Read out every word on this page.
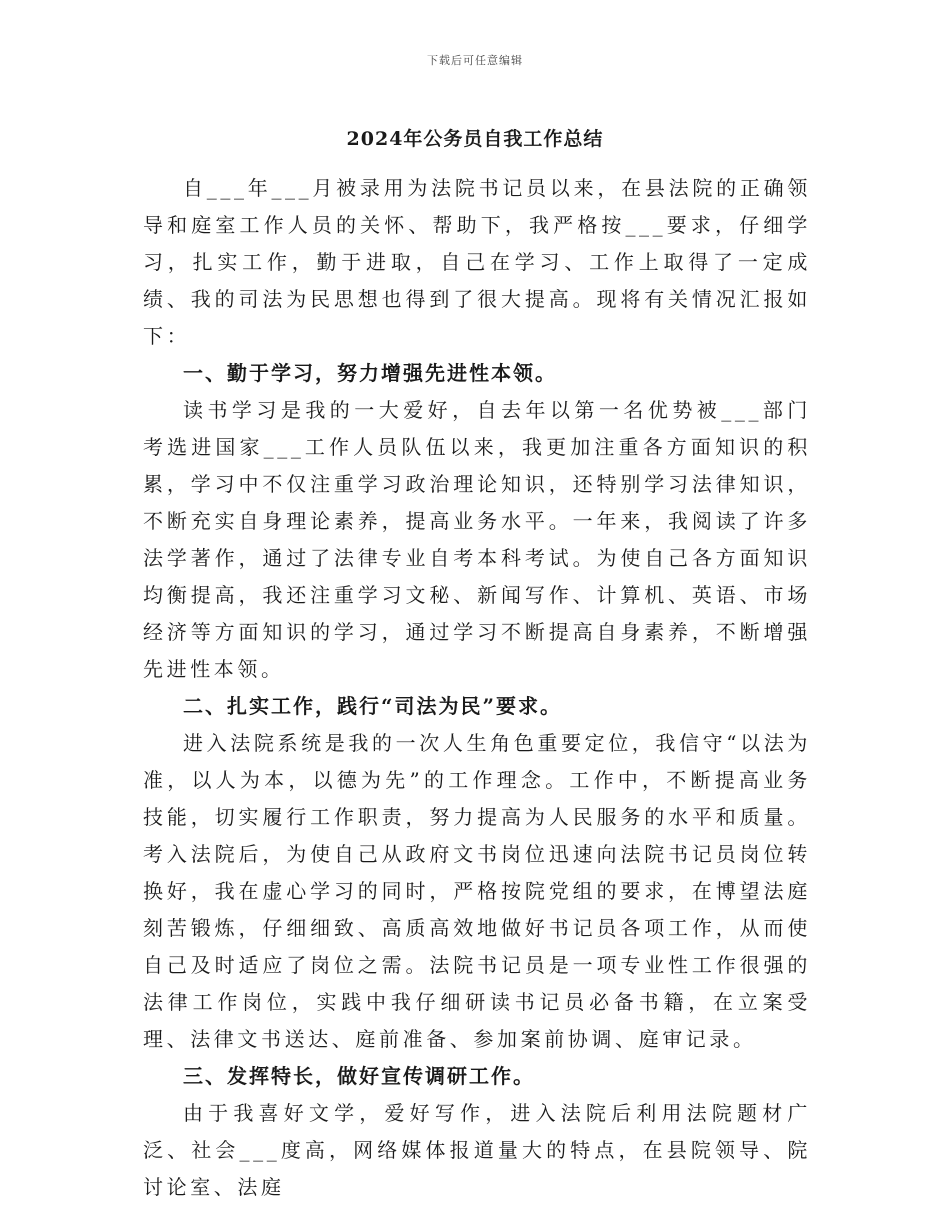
下载后可任意编辑
2024年公务员自我工作总结

自___年___月被录用为法院书记员以来，在县法院的正确领导和庭室工作人员的关怀、帮助下，我严格按___要求，仔细学习，扎实工作，勤于进取，自己在学习、工作上取得了一定成绩、我的司法为民思想也得到了很大提高。现将有关情况汇报如下：

一、勤于学习，努力增强先进性本领。

读书学习是我的一大爱好，自去年以第一名优势被___部门考选进国家___工作人员队伍以来，我更加注重各方面知识的积累，学习中不仅注重学习政治理论知识，还特别学习法律知识，不断充实自身理论素养，提高业务水平。一年来，我阅读了许多法学著作，通过了法律专业自考本科考试。为使自己各方面知识均衡提高，我还注重学习文秘、新闻写作、计算机、英语、市场经济等方面知识的学习，通过学习不断提高自身素养，不断增强先进性本领。

二、扎实工作，践行“司法为民”要求。

进入法院系统是我的一次人生角色重要定位，我信守“以法为准，以人为本，以德为先”的工作理念。工作中，不断提高业务技能，切实履行工作职责，努力提高为人民服务的水平和质量。考入法院后，为使自己从政府文书岗位迅速向法院书记员岗位转换好，我在虚心学习的同时，严格按院党组的要求，在博望法庭刻苦锻炼，仔细细致、高质高效地做好书记员各项工作，从而使自己及时适应了岗位之需。法院书记员是一项专业性工作很强的法律工作岗位，实践中我仔细研读书记员必备书籍，在立案受理、法律文书送达、庭前准备、参加案前协调、庭审记录。

三、发挥特长，做好宣传调研工作。

由于我喜好文学，爱好写作，进入法院后利用法院题材广泛、社会___度高，网络媒体报道量大的特点，在县院领导、院讨论室、法庭
